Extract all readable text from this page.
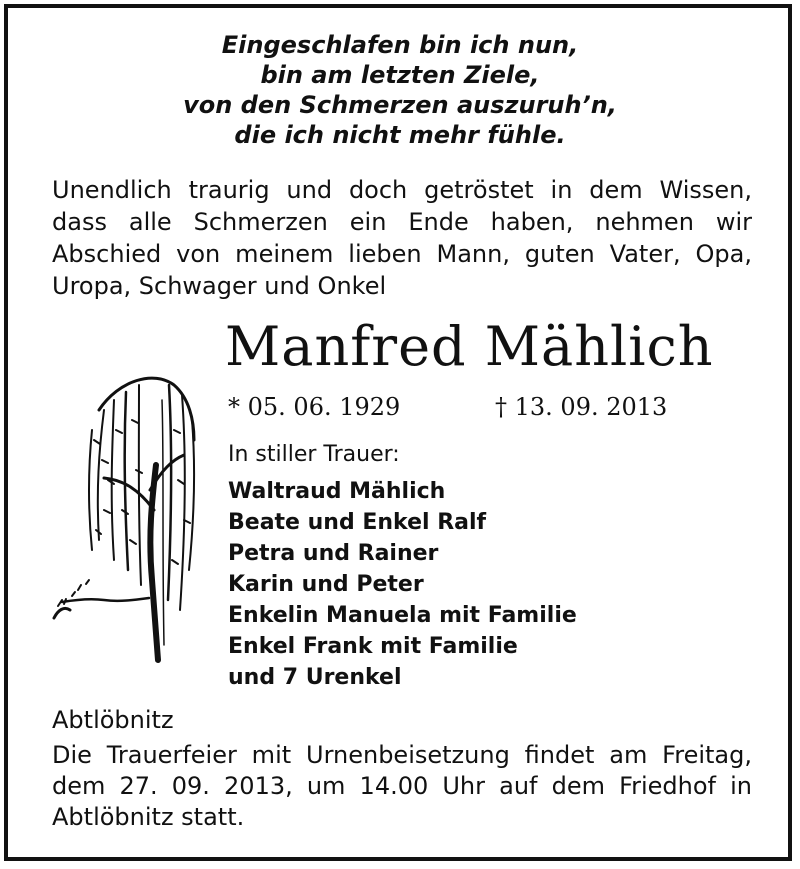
Eingeschlafen bin ich nun,
bin am letzten Ziele,
von den Schmerzen auszuruh’n,
die ich nicht mehr fühle.
Unendlich traurig und doch getröstet in dem Wissen,
dass alle Schmerzen ein Ende haben, nehmen wir
Abschied von meinem lieben Mann, guten Vater, Opa,
Uropa, Schwager und Onkel
Manfred Mählich
* 05. 06. 1929	† 13. 09. 2013
In stiller Trauer:
Waltraud Mählich
Beate und Enkel Ralf
Petra und Rainer
Karin und Peter
Enkelin Manuela mit Familie
Enkel Frank mit Familie
und 7 Urenkel
Abtlöbnitz
Die Trauerfeier mit Urnenbeisetzung findet am Freitag,
dem 27. 09. 2013, um 14.00 Uhr auf dem Friedhof in
Abtlöbnitz statt.
